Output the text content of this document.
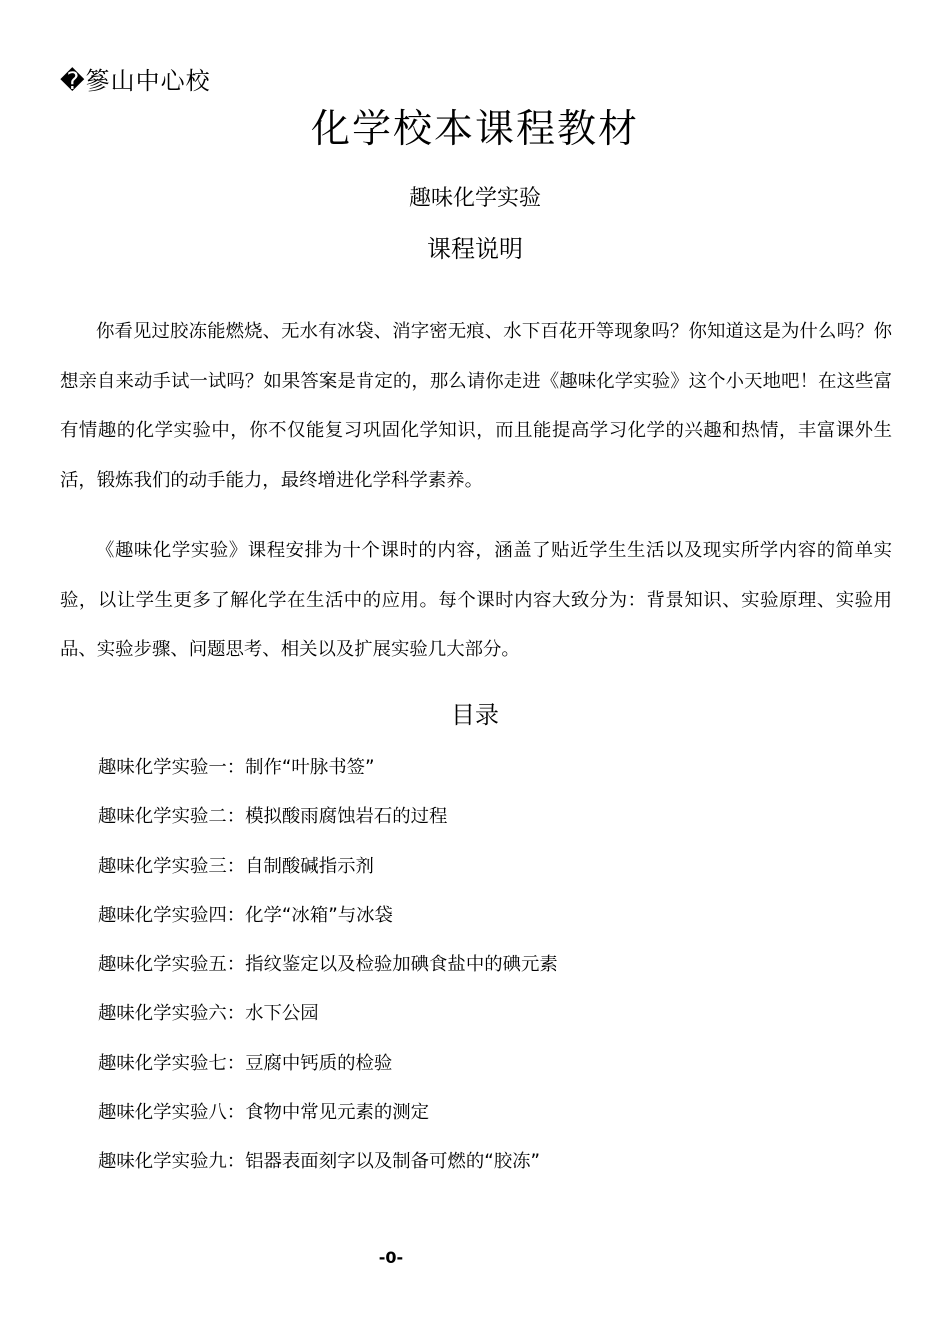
�篸山中心校
化学校本课程教材
趣味化学实验
课程说明

你看见过胶冻能燃烧、无水有冰袋、消字密无痕、水下百花开等现象吗？你知道这是为什么吗？你想亲自来动手试一试吗？如果答案是肯定的，那么请你走进《趣味化学实验》这个小天地吧！在这些富有情趣的化学实验中，你不仅能复习巩固化学知识，而且能提高学习化学的兴趣和热情，丰富课外生活，锻炼我们的动手能力，最终增进化学科学素养。

《趣味化学实验》课程安排为十个课时的内容，涵盖了贴近学生生活以及现实所学内容的简单实验，以让学生更多了解化学在生活中的应用。每个课时内容大致分为：背景知识、实验原理、实验用品、实验步骤、问题思考、相关以及扩展实验几大部分。

目录
趣味化学实验一：制作“叶脉书签”
趣味化学实验二：模拟酸雨腐蚀岩石的过程
趣味化学实验三：自制酸碱指示剂
趣味化学实验四：化学“冰箱”与冰袋
趣味化学实验五：指纹鉴定以及检验加碘食盐中的碘元素
趣味化学实验六：水下公园
趣味化学实验七：豆腐中钙质的检验
趣味化学实验八：食物中常见元素的测定
趣味化学实验九：铝器表面刻字以及制备可燃的“胶冻”
-0-
